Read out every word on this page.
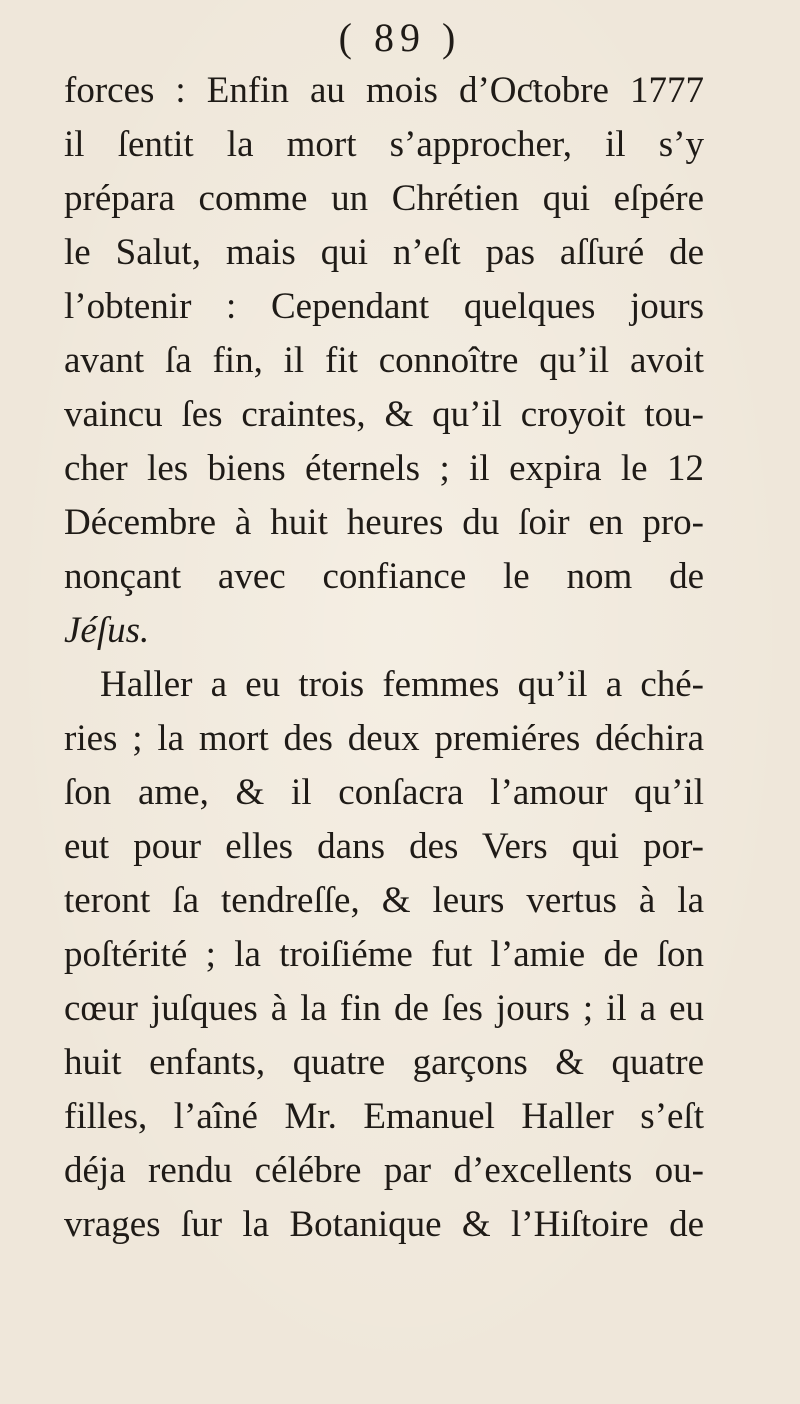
( 89 )
forces : Enfin au mois d’Oƈtobre 1777
il ſentit la mort s’approcher, il s’y
prépara comme un Chrétien qui eſpére
le Salut, mais qui n’eſt pas aſſuré de
l’obtenir : Cependant quelques jours
avant ſa fin, il fit connoître qu’il avoit
vaincu ſes craintes, & qu’il croyoit tou-
cher les biens éternels ; il expira le 12
Décembre à huit heures du ſoir en pro-
nonçant avec confiance le nom de
Jéſus.
Haller a eu trois femmes qu’il a ché-
ries ; la mort des deux premiéres déchira
ſon ame, & il conſacra l’amour qu’il
eut pour elles dans des Vers qui por-
teront ſa tendreſſe, & leurs vertus à la
poſtérité ; la troiſiéme fut l’amie de ſon
cœur juſques à la fin de ſes jours ; il a eu
huit enfants, quatre garçons & quatre
filles, l’aîné Mr. Emanuel Haller s’eſt
déja rendu célébre par d’excellents ou-
vrages ſur la Botanique & l’Hiſtoire de
